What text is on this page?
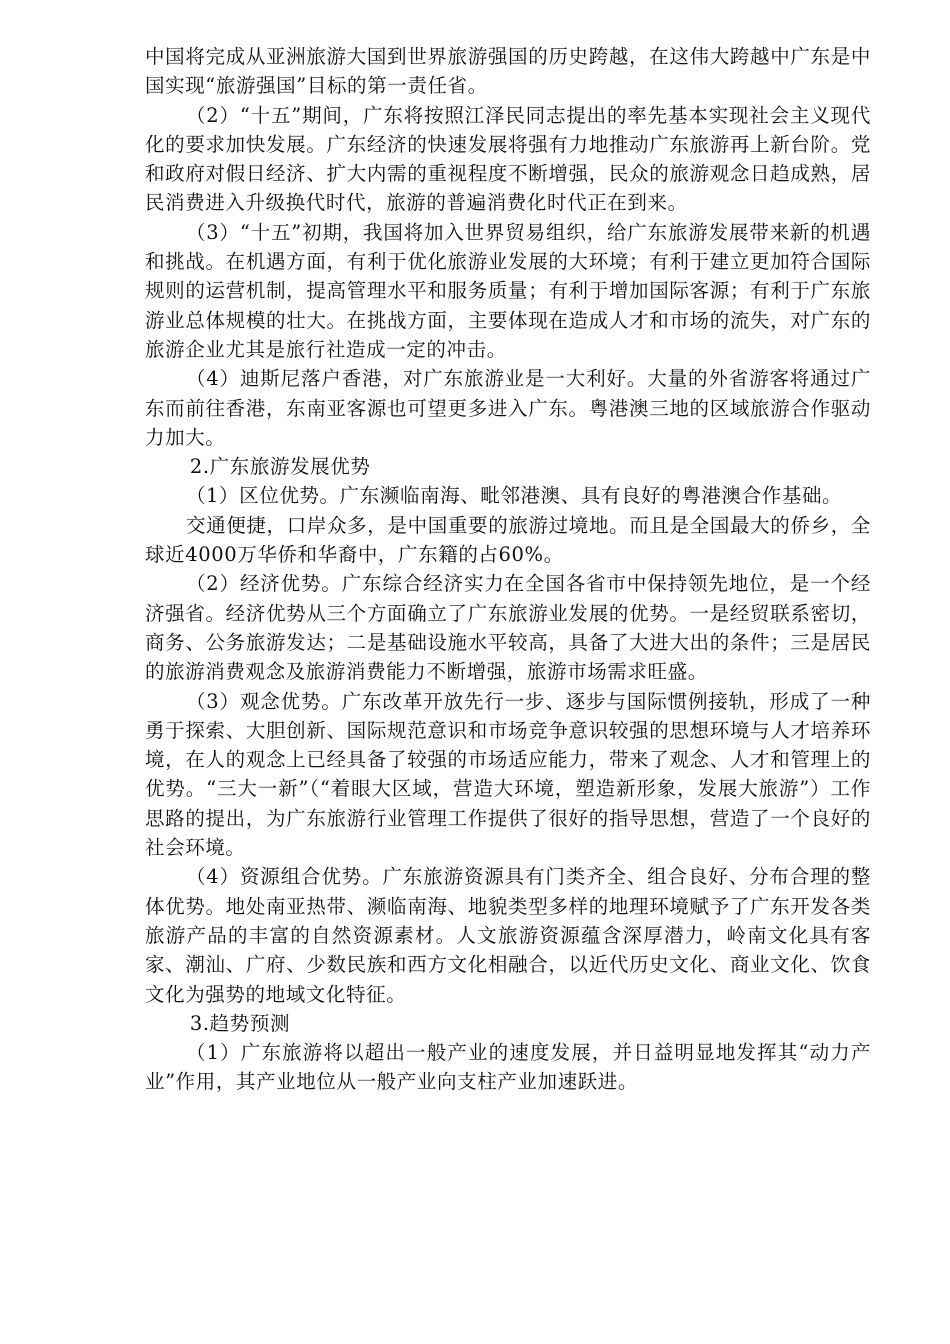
中国将完成从亚洲旅游大国到世界旅游强国的历史跨越，在这伟大跨越中广东是中国实现“旅游强国”目标的第一责任省。

（2）“十五”期间，广东将按照江泽民同志提出的率先基本实现社会主义现代化的要求加快发展。广东经济的快速发展将强有力地推动广东旅游再上新台阶。党和政府对假日经济、扩大内需的重视程度不断增强，民众的旅游观念日趋成熟，居民消费进入升级换代时代，旅游的普遍消费化时代正在到来。

（3）“十五”初期，我国将加入世界贸易组织，给广东旅游发展带来新的机遇和挑战。在机遇方面，有利于优化旅游业发展的大环境；有利于建立更加符合国际规则的运营机制，提高管理水平和服务质量；有利于增加国际客源；有利于广东旅游业总体规模的壮大。在挑战方面，主要体现在造成人才和市场的流失，对广东的旅游企业尤其是旅行社造成一定的冲击。

（4）迪斯尼落户香港，对广东旅游业是一大利好。大量的外省游客将通过广东而前往香港，东南亚客源也可望更多进入广东。粤港澳三地的区域旅游合作驱动力加大。

2.广东旅游发展优势

（1）区位优势。广东濒临南海、毗邻港澳、具有良好的粤港澳合作基础。

交通便捷，口岸众多，是中国重要的旅游过境地。而且是全国最大的侨乡，全球近4000万华侨和华裔中，广东籍的占60%。

（2）经济优势。广东综合经济实力在全国各省市中保持领先地位，是一个经济强省。经济优势从三个方面确立了广东旅游业发展的优势。一是经贸联系密切，商务、公务旅游发达；二是基础设施水平较高，具备了大进大出的条件；三是居民的旅游消费观念及旅游消费能力不断增强，旅游市场需求旺盛。

（3）观念优势。广东改革开放先行一步、逐步与国际惯例接轨，形成了一种勇于探索、大胆创新、国际规范意识和市场竞争意识较强的思想环境与人才培养环境，在人的观念上已经具备了较强的市场适应能力，带来了观念、人才和管理上的优势。“三大一新”（“着眼大区域，营造大环境，塑造新形象，发展大旅游”）工作思路的提出，为广东旅游行业管理工作提供了很好的指导思想，营造了一个良好的社会环境。

（4）资源组合优势。广东旅游资源具有门类齐全、组合良好、分布合理的整体优势。地处南亚热带、濒临南海、地貌类型多样的地理环境赋予了广东开发各类旅游产品的丰富的自然资源素材。人文旅游资源蕴含深厚潜力，岭南文化具有客家、潮汕、广府、少数民族和西方文化相融合，以近代历史文化、商业文化、饮食文化为强势的地域文化特征。

3.趋势预测

（1）广东旅游将以超出一般产业的速度发展，并日益明显地发挥其“动力产业”作用，其产业地位从一般产业向支柱产业加速跃进。
